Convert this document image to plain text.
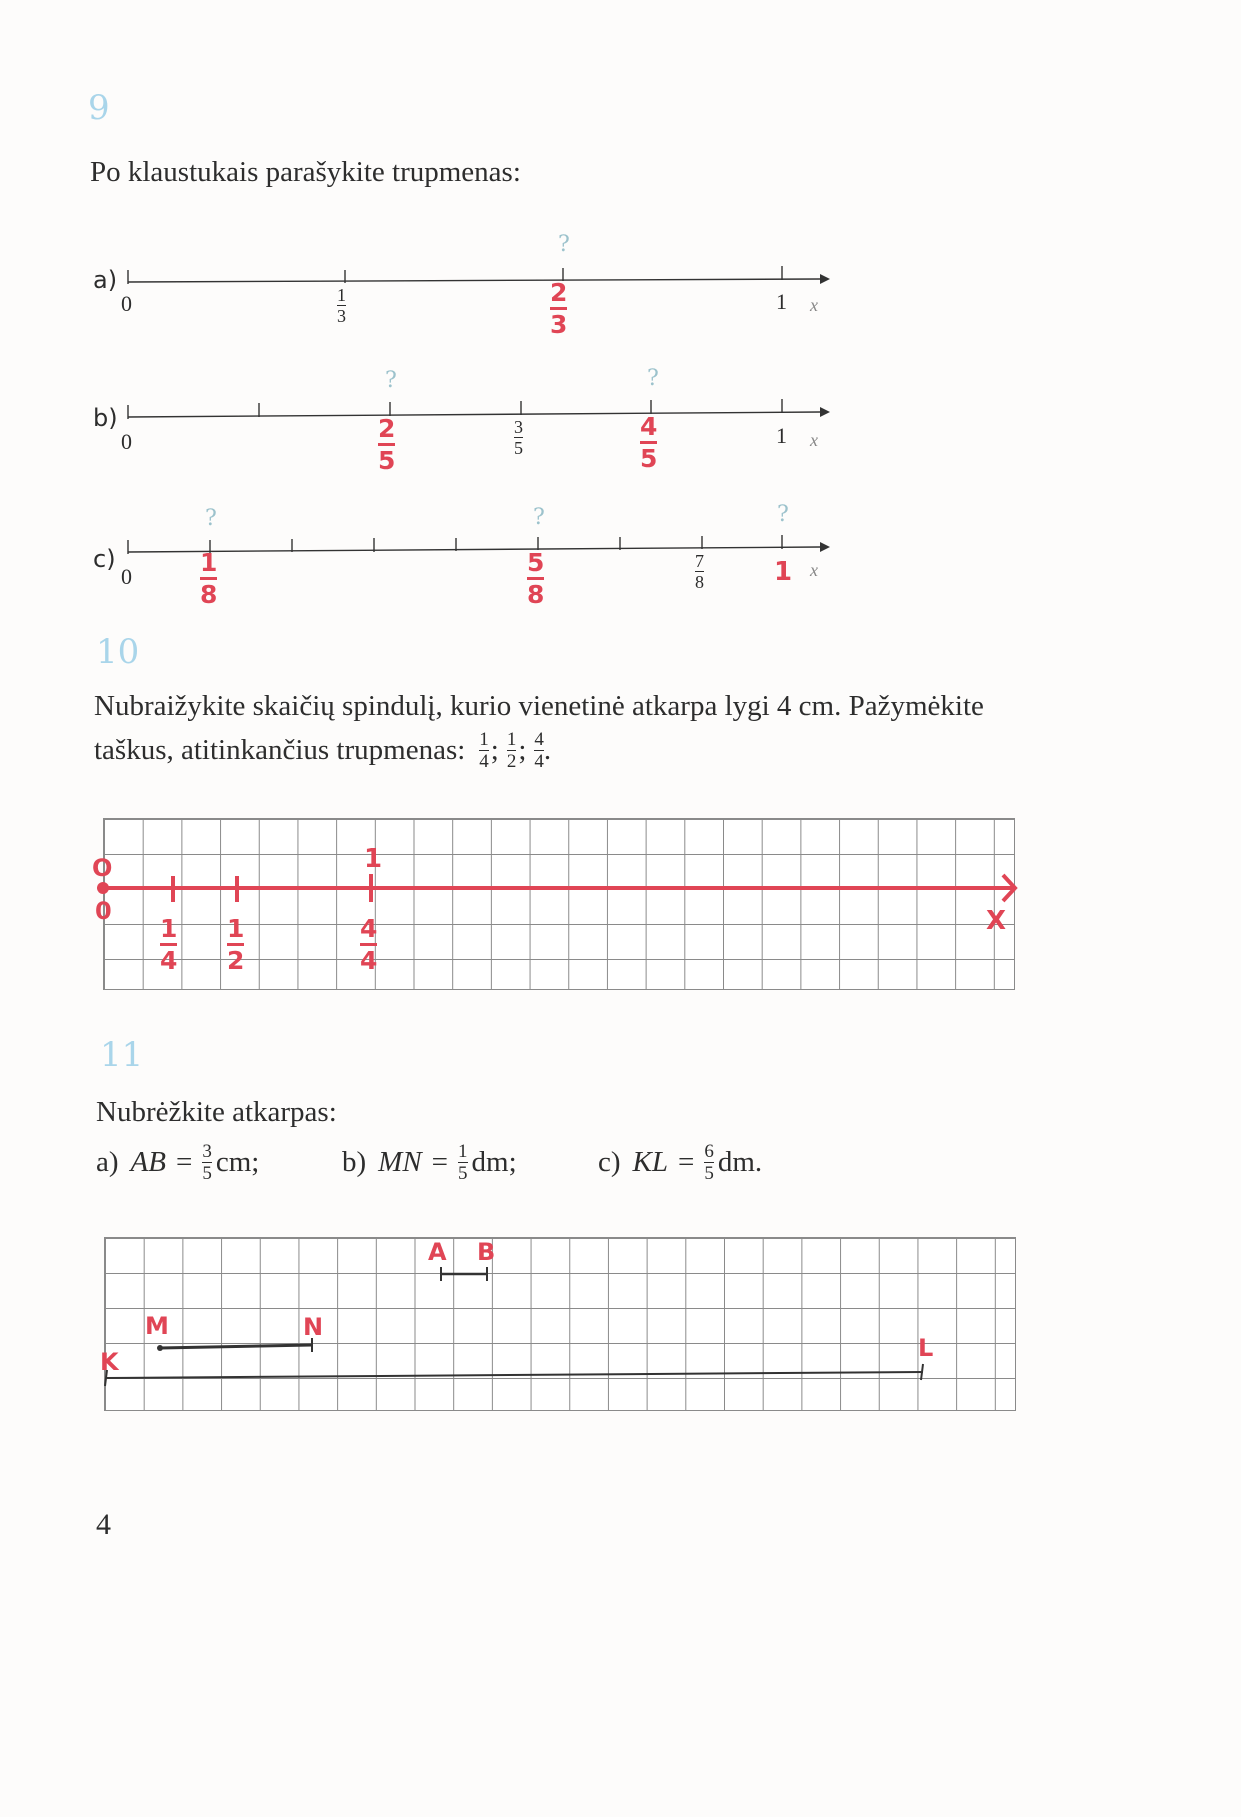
9
Po klaustukais parašykite trupmenas:
a)
?
0	1
3
2
3
1 x
b)
?	?
0	2
5
3
5
4
5
1 x
c)
?	?	?
0	1
8
5
8
7
8	1 x
10
Nubraižykite skaičių spindulį, kurio vienetinė atkarpa lygi 4 cm. Pažymėkite
taškus, atitinkančius trupmenas: $\frac{1}{4}$ ; $\frac{1}{2}$ ; $\frac{4}{4}$ .
O
0
1
1
4
1
2
4
4
X
11
Nubrėžkite atkarpas:
a) AB = $\frac{3}{5}$ cm;	b) MN = $\frac{1}{5}$ dm;	c) KL = $\frac{6}{5}$ dm.
A B
M	N
K	L
4
